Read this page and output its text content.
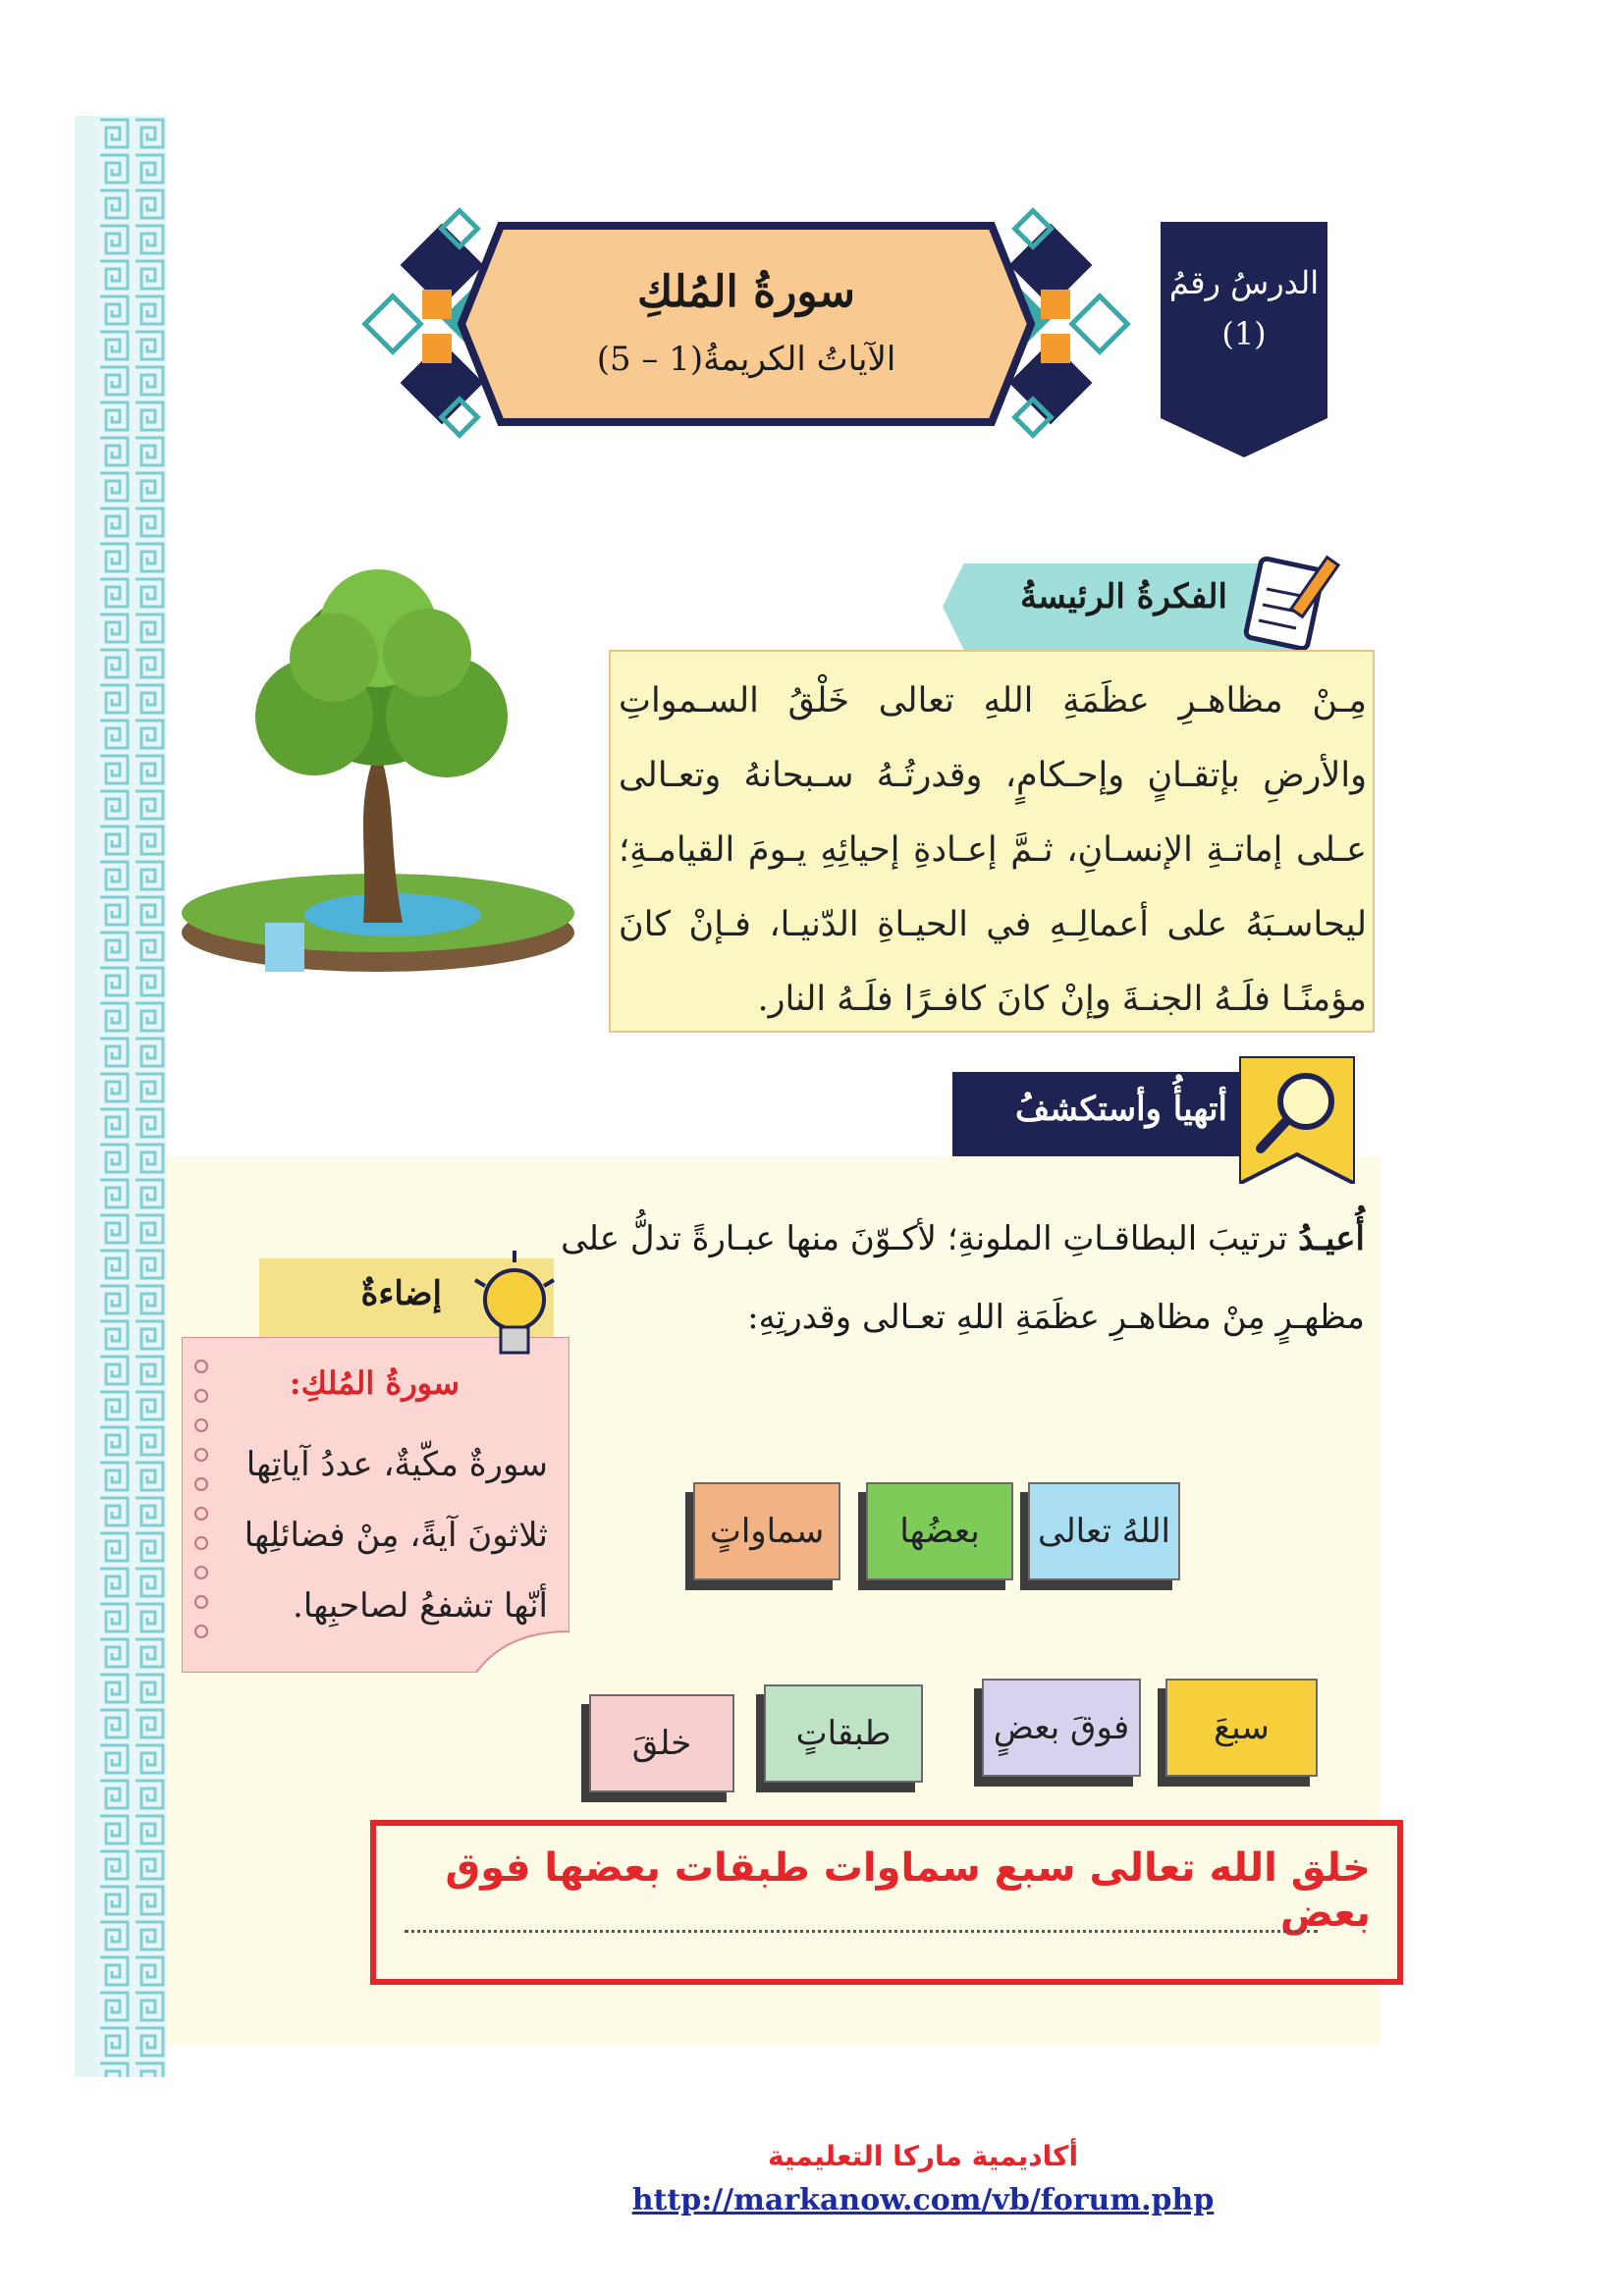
الدرسُ رقمُ
(1)
سورةُ المُلكِ
الآياتُ الكريمةُ(1 – 5)
الفكرةُ الرئيسةُ
مِـنْ مظاهـرِ عظَمَةِ اللهِ تعالى خَلْقُ السـمواتِ والأرضِ بإتقـانٍ وإحـكامٍ، وقدرتُـهُ سـبحانهُ وتعـالى عـلى إماتـةِ الإنسـانِ، ثـمَّ إعـادةِ إحيائِهِ يـومَ القيامـةِ؛ ليحاسـبَهُ على أعمالِـهِ في الحيـاةِ الدّنيـا، فـإنْ كانَ مؤمنًـا فلَـهُ الجنـةَ وإنْ كانَ كافـرًا فلَـهُ النار.
أتهيأُ وأستكشفُ
أُعيـدُ ترتيبَ البطاقـاتِ الملونةِ؛ لأكـوّنَ منها عبـارةً تدلُّ على مظهـرٍ مِنْ مظاهـرِ عظَمَةِ اللهِ تعـالى وقدرتِهِ:
إضاءةٌ
سورةُ المُلكِ:
سورةٌ مكّيةٌ، عددُ آياتِها ثلاثونَ آيةً، مِنْ فضائلِها أنّها تشفعُ لصاحبِها.
اللهُ تعالى
بعضُها
سماواتٍ
سبعَ
فوقَ بعضٍ
طبقاتٍ
خلقَ
خلق الله تعالى سبع سماوات طبقات بعضها فوق بعض
أكاديمية ماركا التعليمية
http://markanow.com/vb/forum.php
